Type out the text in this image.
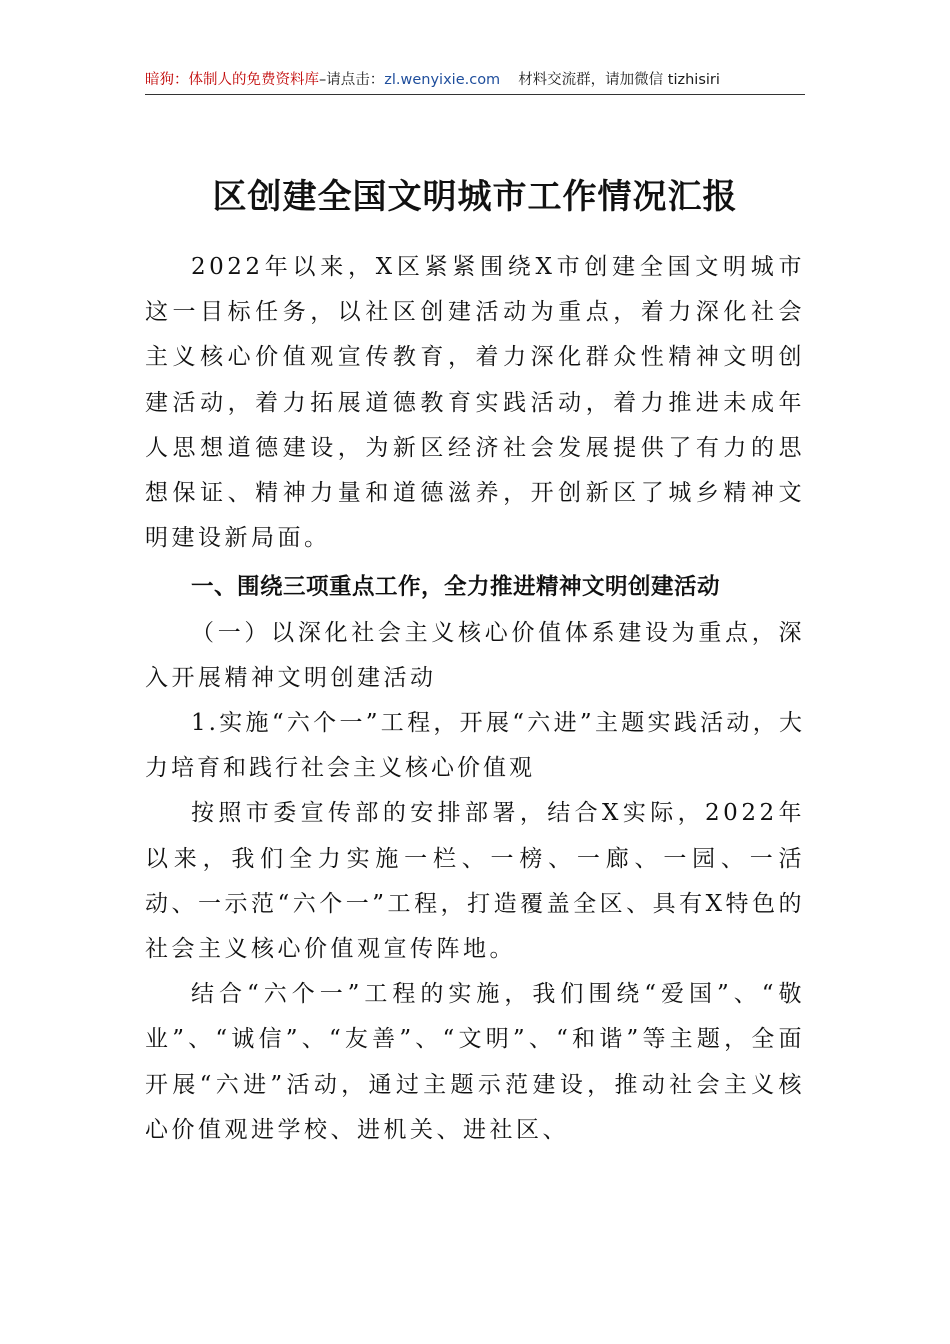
暗狗：体制人的免费资料库–请点击：zl.wenyixie.com 材料交流群，请加微信 tizhisiri
区创建全国文明城市工作情况汇报

2022年以来，X区紧紧围绕X市创建全国文明城市这一目标任务，以社区创建活动为重点，着力深化社会主义核心价值观宣传教育，着力深化群众性精神文明创建活动，着力拓展道德教育实践活动，着力推进未成年人思想道德建设，为新区经济社会发展提供了有力的思想保证、精神力量和道德滋养，开创新区了城乡精神文明建设新局面。

一、围绕三项重点工作，全力推进精神文明创建活动

（一）以深化社会主义核心价值体系建设为重点，深入开展精神文明创建活动

1.实施“六个一”工程，开展“六进”主题实践活动，大力培育和践行社会主义核心价值观

按照市委宣传部的安排部署，结合X实际，2022年以来，我们全力实施一栏、一榜、一廊、一园、一活动、一示范“六个一”工程，打造覆盖全区、具有X特色的社会主义核心价值观宣传阵地。

结合“六个一”工程的实施，我们围绕“爱国”、“敬业”、“诚信”、“友善”、“文明”、“和谐”等主题，全面开展“六进”活动，通过主题示范建设，推动社会主义核心价值观进学校、进机关、进社区、
